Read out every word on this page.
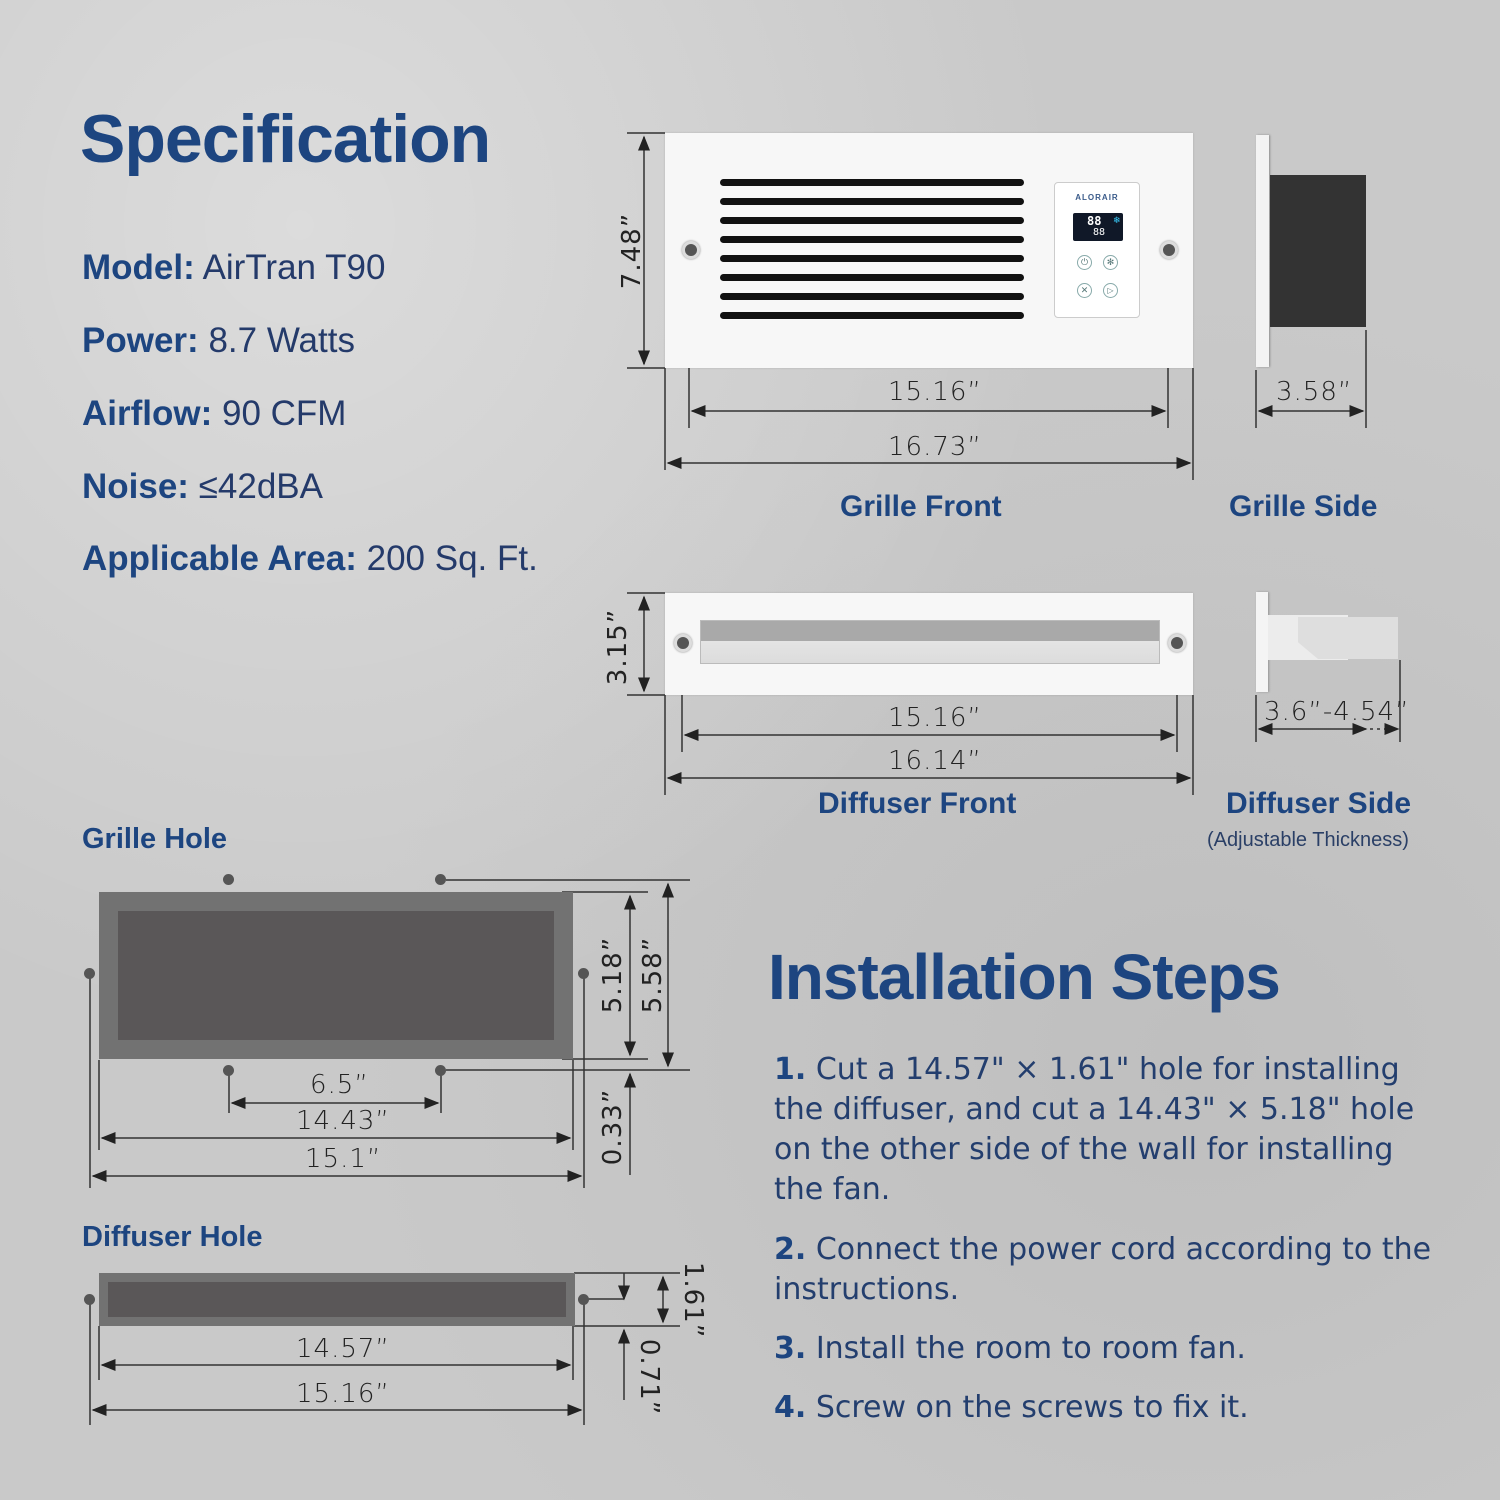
Specification
Model: AirTran T90
Power: 8.7 Watts
Airflow: 90 CFM
Noise: ≤42dBA
Applicable Area: 200 Sq. Ft.
ALORAIR
88
88
❄
⏻	✻
✕	▷
7.48”
15.16”
16.73”
Grille Front
3.58”
Grille Side
3.15”
15.16”
16.14”
Diffuser Front
3.6”-4.54”
Diffuser Side
(Adjustable Thickness)
Grille Hole
6.5”
14.43”
15.1”
5.18” 5.58”
0.33”
Diffuser Hole
14.57”
15.16”
1.61”
0.71”
Installation Steps
1. Cut a 14.57" × 1.61" hole for installing the diffuser, and cut a 14.43" × 5.18" hole on the other side of the wall for installing the fan.
2. Connect the power cord according to the instructions.
3. Install the room to room fan.
4. Screw on the screws to fix it.
